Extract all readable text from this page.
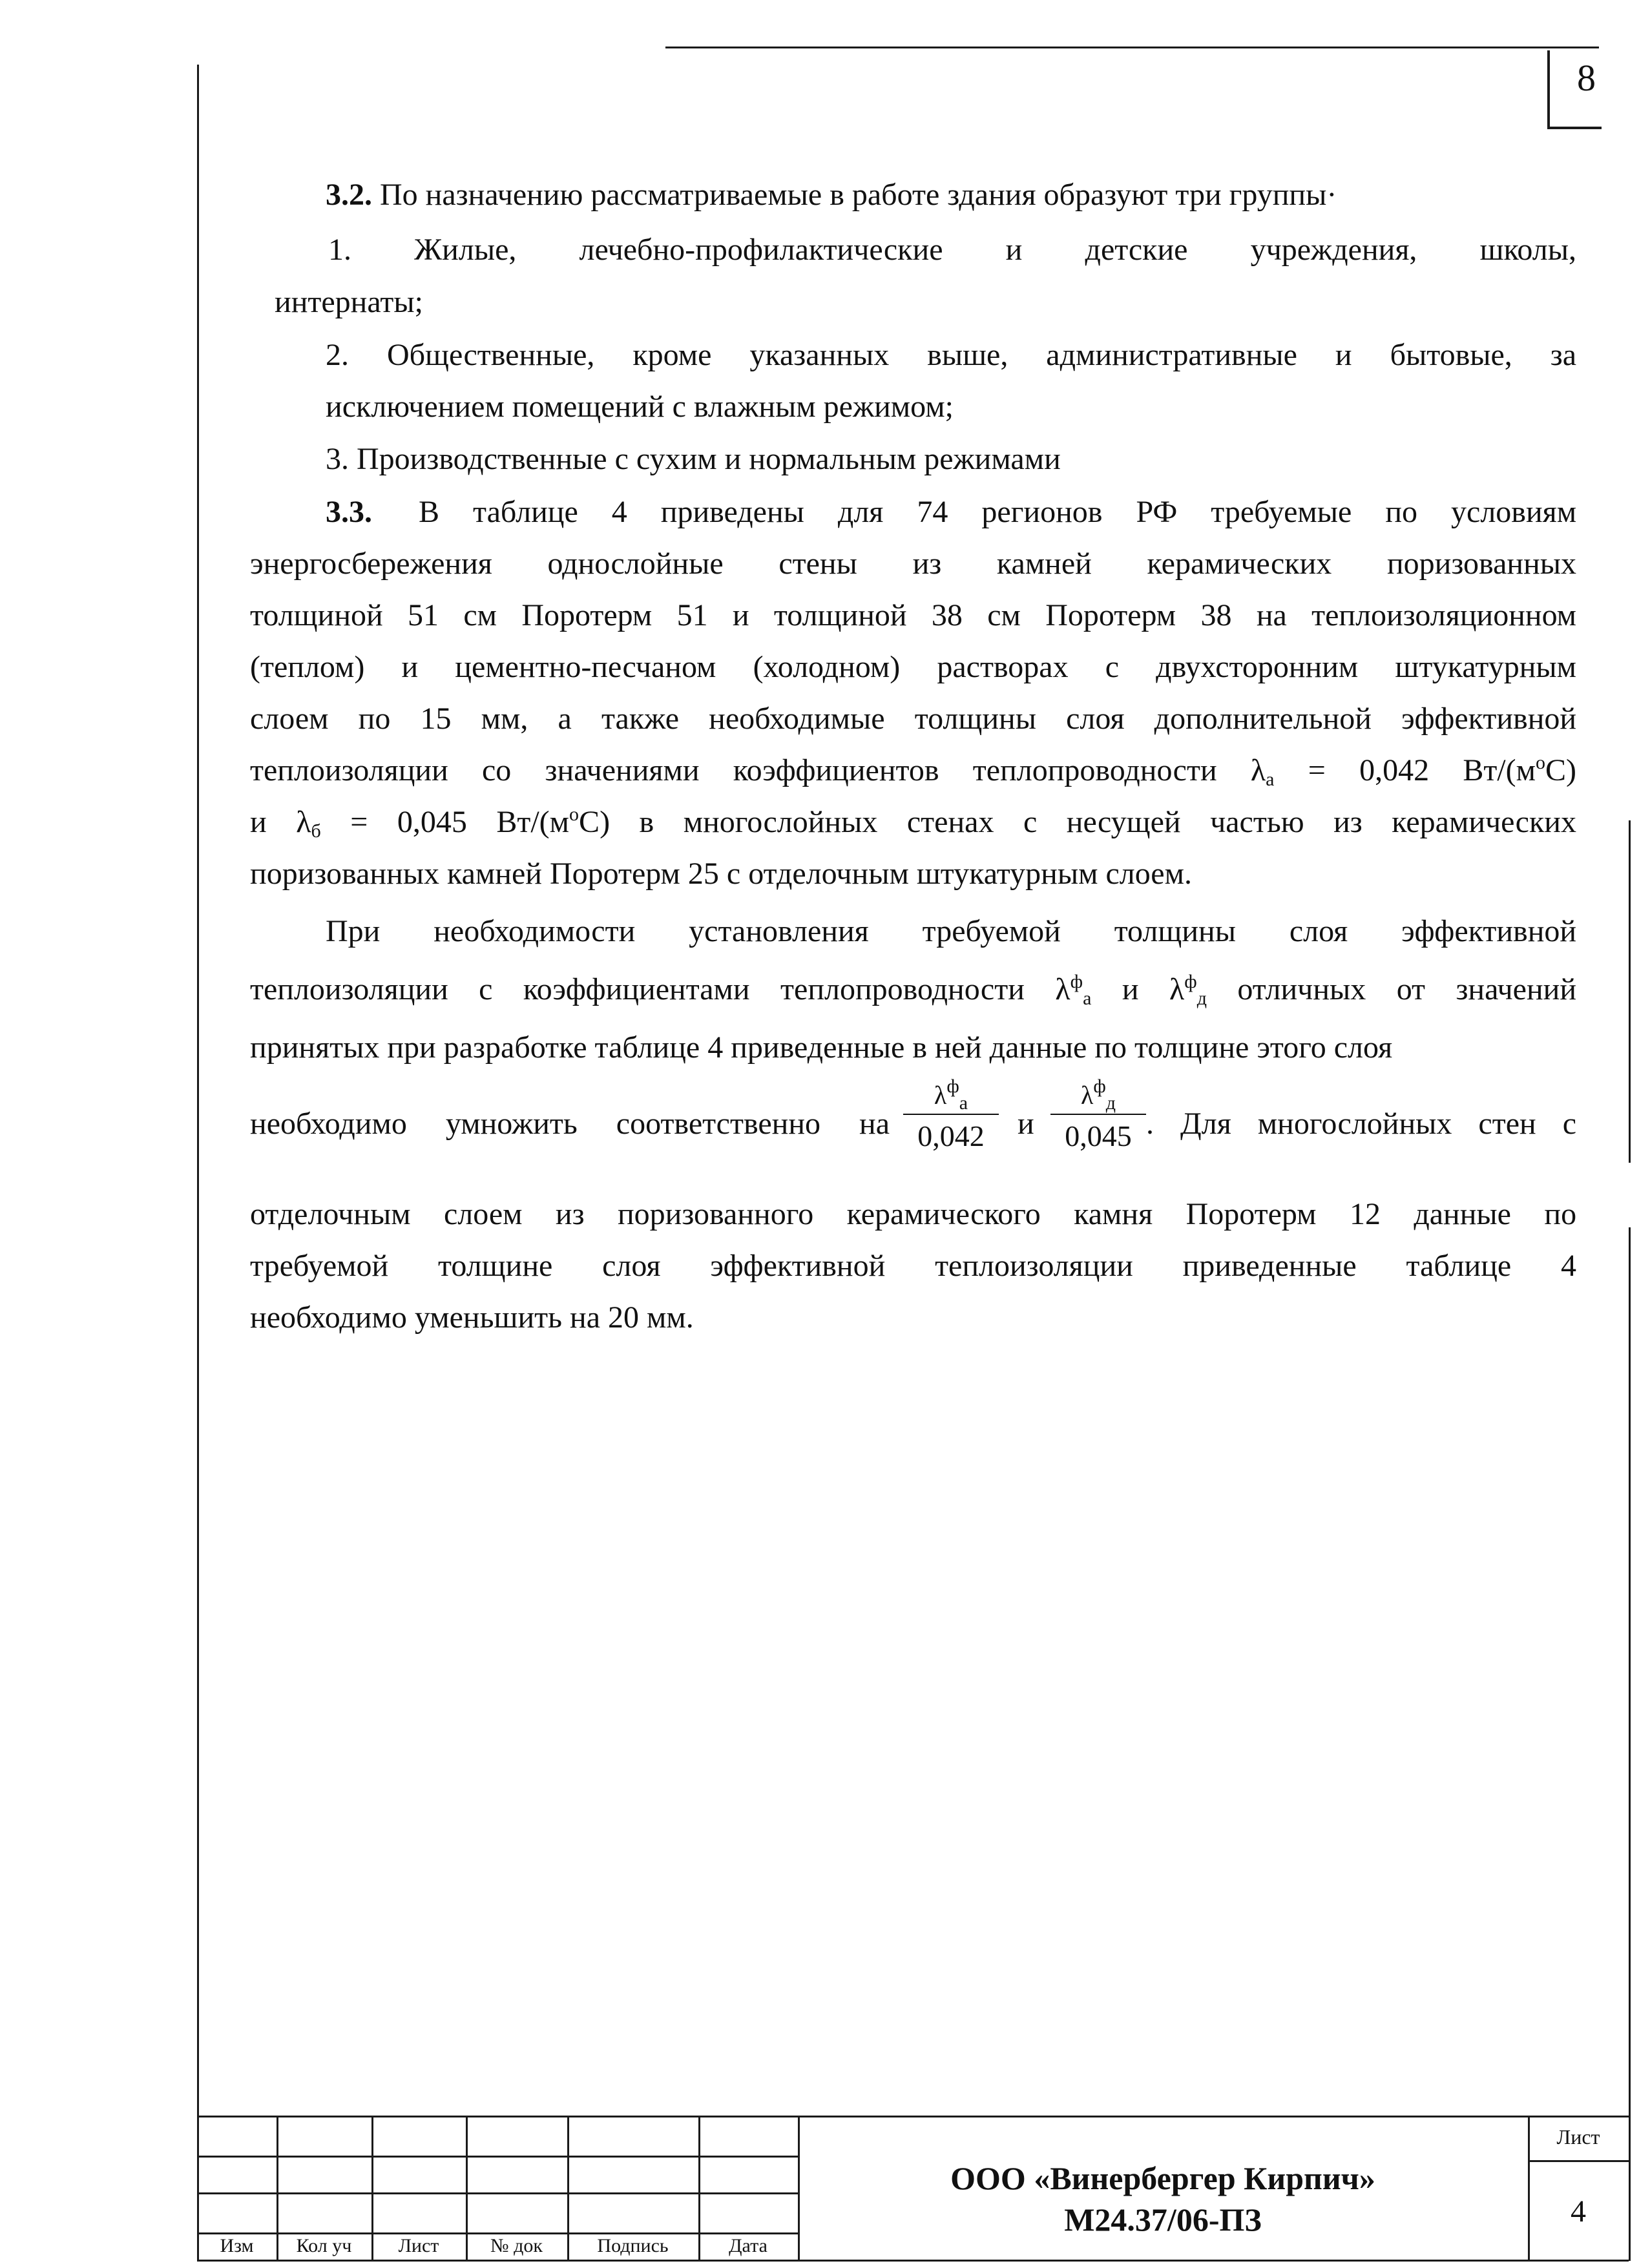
8
3.2. По назначению рассматриваемые в работе здания образуют три группы·
1. Жилые, лечебно-профилактические и детские учреждения, школы,
интернаты;
2. Общественные, кроме указанных выше, административные и бытовые, за
исключением помещений с влажным режимом;
3. Производственные с сухим и нормальным режимами
3.3. В таблице 4 приведены для 74 регионов РФ требуемые по условиям
энергосбережения однослойные стены из камней керамических поризованных
толщиной 51 см Поротерм 51 и толщиной 38 см Поротерм 38 на теплоизоляционном
(теплом) и цементно-песчаном (холодном) растворах с двухсторонним штукатурным
слоем по 15 мм, а также необходимые толщины слоя дополнительной эффективной
теплоизоляции со значениями коэффициентов теплопроводности $\lambda_а = 0,042$ $Вт/(м^оС)$
и $\lambda_б = 0,045$ $Вт/(м^оС)$ в многослойных стенах с несущей частью из керамических
поризованных камней Поротерм 25 с отделочным штукатурным слоем.
При необходимости установления требуемой толщины слоя эффективной
теплоизоляции с коэффициентами теплопроводности $\lambda^ф_а$ и $\lambda^ф_д$ отличных от значений
принятых при разработке таблице 4 приведенные в ней данные по толщине этого слоя
необходимо умножить соответственно на
$\lambda^ф_а$
0,042	и
$\lambda^ф_д$
0,045 . Для многослойных стен с
отделочным слоем из поризованного керамического камня Поротерм 12 данные по
требуемой толщине слоя эффективной теплоизоляции приведенные таблице 4
необходимо уменьшить на 20 мм.
Изм	Кол уч	Лист	№ док	Подпись	Дата
ООО «Винербергер Кирпич»
М24.37/06-ПЗ
Лист
4
